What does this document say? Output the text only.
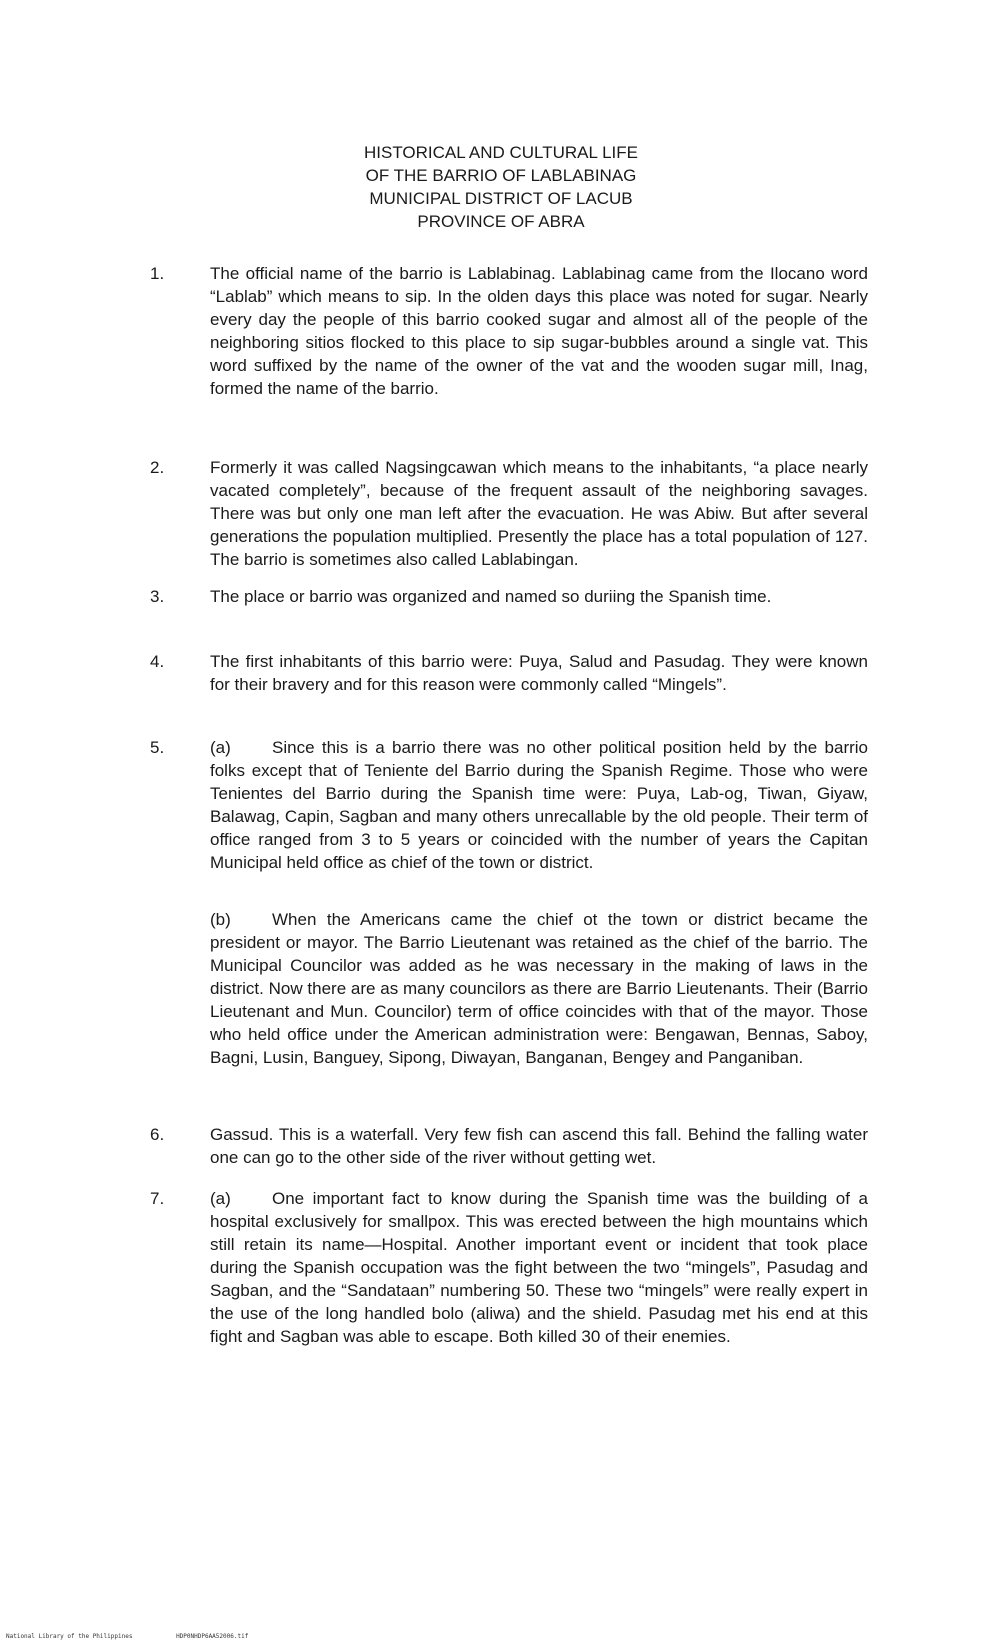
HISTORICAL AND CULTURAL LIFE
OF THE BARRIO OF LABLABINAG
MUNICIPAL DISTRICT OF LACUB
PROVINCE OF ABRA
1.	The official name of the barrio is Lablabinag. Lablabinag came from the Ilocano word “Lablab” which means to sip. In the olden days this place was noted for sugar. Nearly every day the people of this barrio cooked sugar and almost all of the people of the neighboring sitios flocked to this place to sip sugar-bubbles around a single vat. This word suffixed by the name of the owner of the vat and the wooden sugar mill, Inag, formed the name of the barrio.

2.	Formerly it was called Nagsingcawan which means to the inhabitants, “a place nearly vacated completely”, because of the frequent assault of the neighboring savages. There was but only one man left after the evacuation. He was Abiw. But after several generations the population multiplied. Presently the place has a total population of 127. The barrio is sometimes also called Lablabingan.

3.	The place or barrio was organized and named so duriing the Spanish time.

4.	The first inhabitants of this barrio were: Puya, Salud and Pasudag. They were known for their bravery and for this reason were commonly called “Mingels”.

5.	(a) Since this is a barrio there was no other political position held by the barrio folks except that of Teniente del Barrio during the Spanish Regime. Those who were Tenientes del Barrio during the Spanish time were: Puya, Lab-og, Tiwan, Giyaw, Balawag, Capin, Sagban and many others unrecallable by the old people. Their term of office ranged from 3 to 5 years or coincided with the number of years the Capitan Municipal held office as chief of the town or district.

(b) When the Americans came the chief ot the town or district became the president or mayor. The Barrio Lieutenant was retained as the chief of the barrio. The Municipal Councilor was added as he was necessary in the making of laws in the district. Now there are as many councilors as there are Barrio Lieutenants. Their (Barrio Lieutenant and Mun. Councilor) term of office coincides with that of the mayor. Those who held office under the American administration were: Bengawan, Bennas, Saboy, Bagni, Lusin, Banguey, Sipong, Diwayan, Banganan, Bengey and Panganiban.

6.	Gassud. This is a waterfall. Very few fish can ascend this fall. Behind the falling water one can go to the other side of the river without getting wet.

7.	(a) One important fact to know during the Spanish time was the building of a hospital exclusively for smallpox. This was erected between the high mountains which still retain its name—Hospital. Another important event or incident that took place during the Spanish occupation was the fight between the two “mingels”, Pasudag and Sagban, and the “Sandataan” numbering 50. These two “mingels” were really expert in the use of the long handled bolo (aliwa) and the shield. Pasudag met his end at this fight and Sagban was able to escape. Both killed 30 of their enemies.

National Library of the Philippines	HDP0NHDP6AA52006.tif
